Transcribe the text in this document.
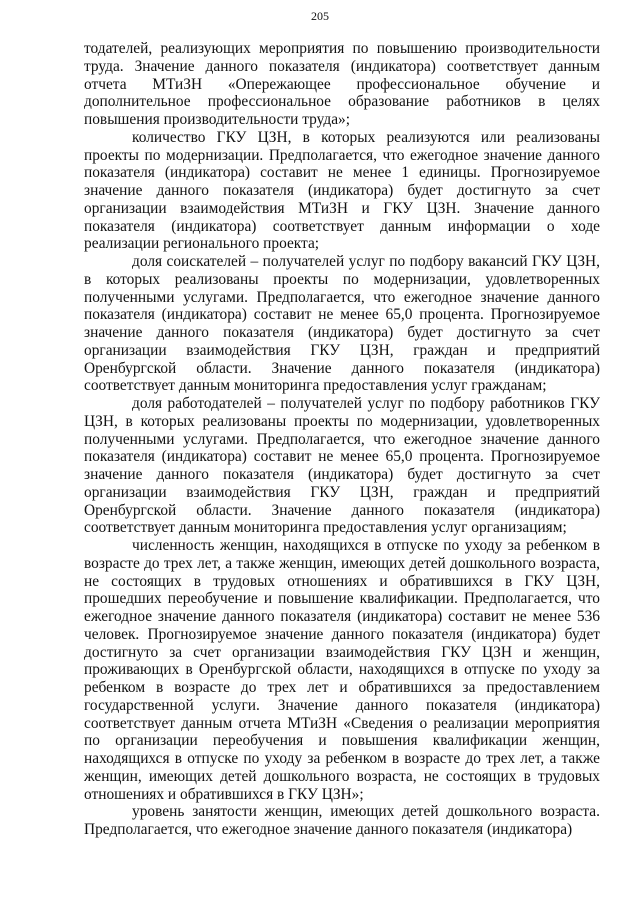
205

тодателей, реализующих мероприятия по повышению производительности труда. Значение данного показателя (индикатора) соответствует данным отчета МТиЗН «Опережающее профессиональное обучение и дополнительное профессиональное образование работников в целях повышения производительности труда»;

количество ГКУ ЦЗН, в которых реализуются или реализованы проекты по модернизации. Предполагается, что ежегодное значение данного показателя (индикатора) составит не менее 1 единицы. Прогнозируемое значение данного показателя (индикатора) будет достигнуто за счет организации взаимодействия МТиЗН и ГКУ ЦЗН. Значение данного показателя (индикатора) соответствует данным информации о ходе реализации регионального проекта;

доля соискателей – получателей услуг по подбору вакансий ГКУ ЦЗН, в которых реализованы проекты по модернизации, удовлетворенных полученными услугами. Предполагается, что ежегодное значение данного показателя (индикатора) составит не менее 65,0 процента. Прогнозируемое значение данного показателя (индикатора) будет достигнуто за счет организации взаимодействия ГКУ ЦЗН, граждан и предприятий Оренбургской области. Значение данного показателя (индикатора) соответствует данным мониторинга предоставления услуг гражданам;

доля работодателей – получателей услуг по подбору работников ГКУ ЦЗН, в которых реализованы проекты по модернизации, удовлетворенных полученными услугами. Предполагается, что ежегодное значение данного показателя (индикатора) составит не менее 65,0 процента. Прогнозируемое значение данного показателя (индикатора) будет достигнуто за счет организации взаимодействия ГКУ ЦЗН, граждан и предприятий Оренбургской области. Значение данного показателя (индикатора) соответствует данным мониторинга предоставления услуг организациям;

численность женщин, находящихся в отпуске по уходу за ребенком в возрасте до трех лет, а также женщин, имеющих детей дошкольного возраста, не состоящих в трудовых отношениях и обратившихся в ГКУ ЦЗН, прошедших переобучение и повышение квалификации. Предполагается, что ежегодное значение данного показателя (индикатора) составит не менее 536 человек. Прогнозируемое значение данного показателя (индикатора) будет достигнуто за счет организации взаимодействия ГКУ ЦЗН и женщин, проживающих в Оренбургской области, находящихся в отпуске по уходу за ребенком в возрасте до трех лет и обратившихся за предоставлением государственной услуги. Значение данного показателя (индикатора) соответствует данным отчета МТиЗН «Сведения о реализации мероприятия по организации переобучения и повышения квалификации женщин, находящихся в отпуске по уходу за ребенком в возрасте до трех лет, а также женщин, имеющих детей дошкольного возраста, не состоящих в трудовых отношениях и обратившихся в ГКУ ЦЗН»;

уровень занятости женщин, имеющих детей дошкольного возраста. Предполагается, что ежегодное значение данного показателя (индикатора)
